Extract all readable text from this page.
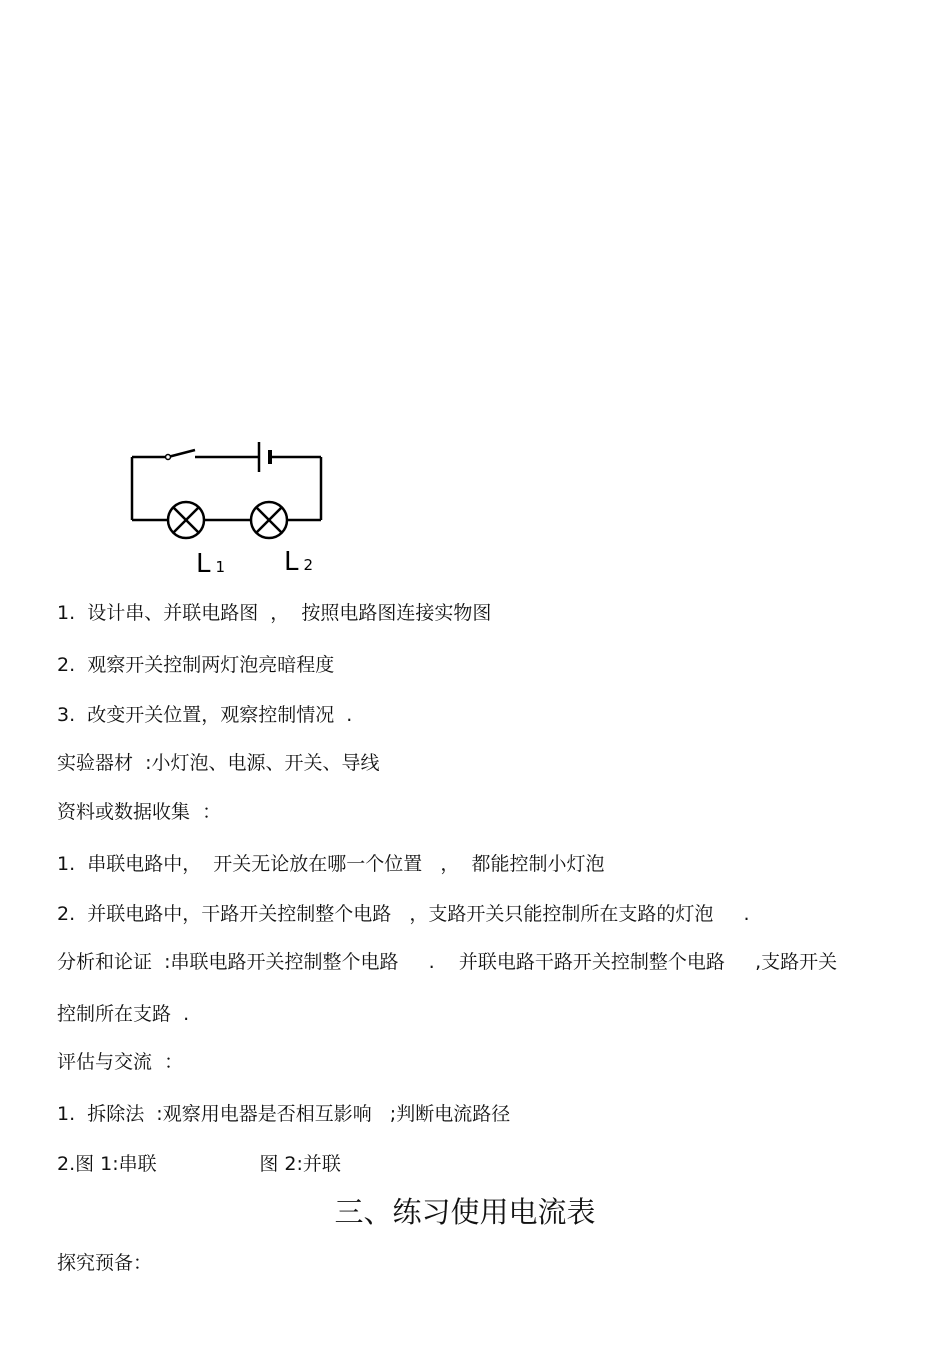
L 1 L 2

1.  设计串、并联电路图  ，  按照电路图连接实物图

2.  观察开关控制两灯泡亮暗程度

3.  改变开关位置，观察控制情况  .

实验器材  :小灯泡、电源、开关、导线

资料或数据收集  ：

1.  串联电路中，  开关无论放在哪一个位置   ，  都能控制小灯泡

2.  并联电路中，干路开关控制整个电路   ，支路开关只能控制所在支路的灯泡     .

分析和论证  :串联电路开关控制整个电路     .    并联电路干路开关控制整个电路     ,支路开关

控制所在支路  .

评估与交流  ：

1.  拆除法  :观察用电器是否相互影响   ;判断电流路径

2.图 1:串联                 图 2:并联

三、练习使用电流表

探究预备：
